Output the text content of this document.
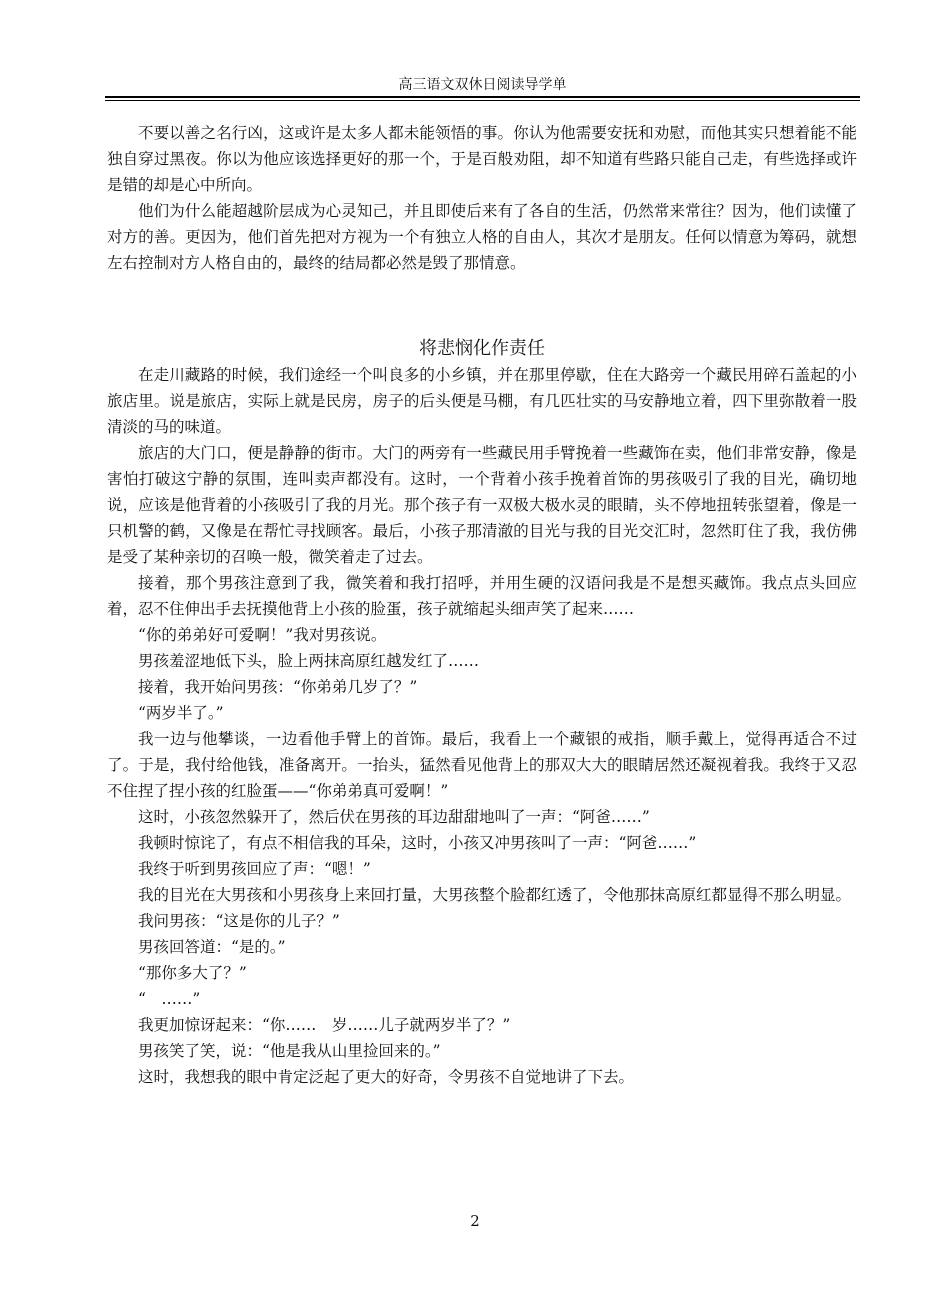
高三语文双休日阅读导学单

不要以善之名行凶，这或许是太多人都未能领悟的事。你认为他需要安抚和劝慰，而他其实只想着能不能独自穿过黑夜。你以为他应该选择更好的那一个，于是百般劝阻，却不知道有些路只能自己走，有些选择或许是错的却是心中所向。

他们为什么能超越阶层成为心灵知己，并且即使后来有了各自的生活，仍然常来常往？因为，他们读懂了对方的善。更因为，他们首先把对方视为一个有独立人格的自由人，其次才是朋友。任何以情意为筹码，就想左右控制对方人格自由的，最终的结局都必然是毁了那情意。

将悲悯化作责任

在走川藏路的时候，我们途经一个叫良多的小乡镇，并在那里停歇，住在大路旁一个藏民用碎石盖起的小旅店里。说是旅店，实际上就是民房，房子的后头便是马棚，有几匹壮实的马安静地立着，四下里弥散着一股清淡的马的味道。

旅店的大门口，便是静静的街市。大门的两旁有一些藏民用手臂挽着一些藏饰在卖，他们非常安静，像是害怕打破这宁静的氛围，连叫卖声都没有。这时，一个背着小孩手挽着首饰的男孩吸引了我的目光，确切地说，应该是他背着的小孩吸引了我的月光。那个孩子有一双极大极水灵的眼睛，头不停地扭转张望着，像是一只机警的鹤，又像是在帮忙寻找顾客。最后，小孩子那清澈的目光与我的目光交汇时，忽然盯住了我，我仿佛是受了某种亲切的召唤一般，微笑着走了过去。

接着，那个男孩注意到了我，微笑着和我打招呼，并用生硬的汉语问我是不是想买藏饰。我点点头回应着，忍不住伸出手去抚摸他背上小孩的脸蛋，孩子就缩起头细声笑了起来……

“你的弟弟好可爱啊！”我对男孩说。

男孩羞涩地低下头，脸上两抹高原红越发红了……

接着，我开始问男孩：“你弟弟几岁了？”

“两岁半了。”

我一边与他攀谈，一边看他手臂上的首饰。最后，我看上一个藏银的戒指，顺手戴上，觉得再适合不过了。于是，我付给他钱，准备离开。一抬头，猛然看见他背上的那双大大的眼睛居然还凝视着我。我终于又忍不住捏了捏小孩的红脸蛋——“你弟弟真可爱啊！”

这时，小孩忽然躲开了，然后伏在男孩的耳边甜甜地叫了一声：“阿爸……”

我顿时惊诧了，有点不相信我的耳朵，这时，小孩又冲男孩叫了一声：“阿爸……”

我终于听到男孩回应了声：“嗯！”

我的目光在大男孩和小男孩身上来回打量，大男孩整个脸都红透了，令他那抹高原红都显得不那么明显。

我问男孩：“这是你的儿子？”

男孩回答道：“是的。”

“那你多大了？”

“　……”

我更加惊讶起来：“你……　岁……儿子就两岁半了？”

男孩笑了笑，说：“他是我从山里捡回来的。”

这时，我想我的眼中肯定泛起了更大的好奇，令男孩不自觉地讲了下去。

2
